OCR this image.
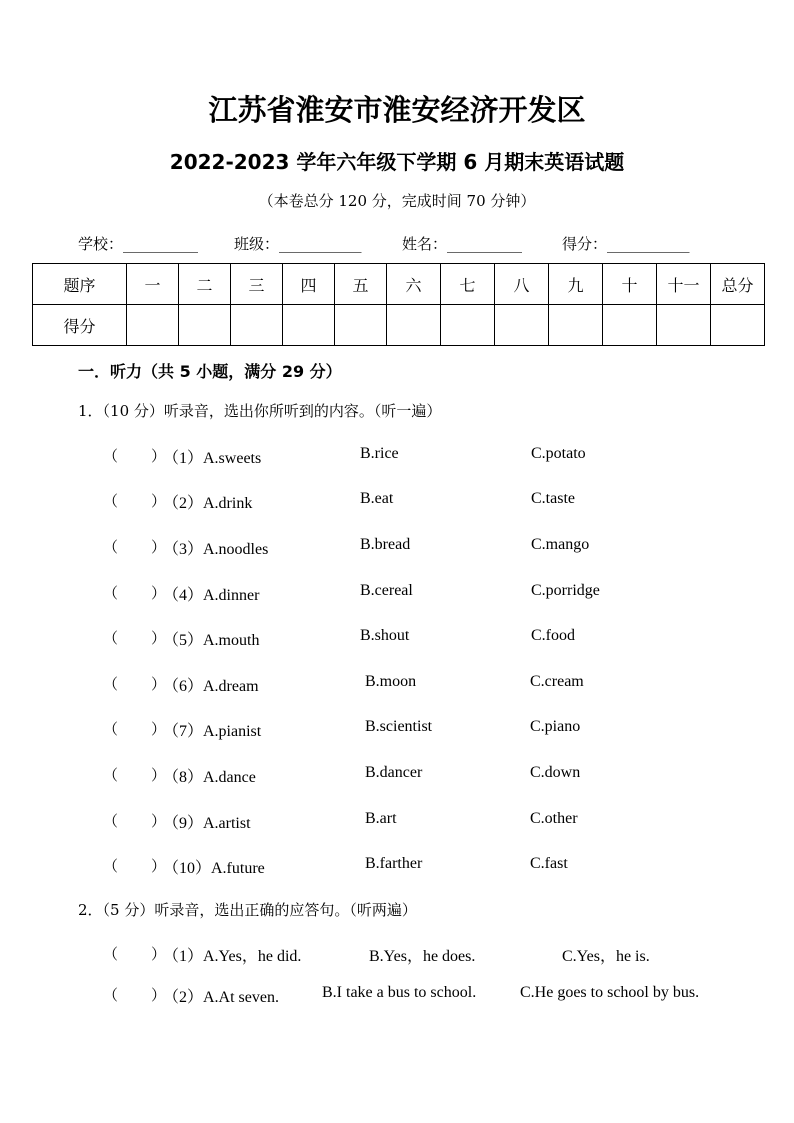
江苏省淮安市淮安经济开发区
2022-2023 学年六年级下学期 6 月期末英语试题
（本卷总分 120 分，完成时间 70 分钟）
学校：__________ 班级：___________	姓名：__________	得分：___________
题序	一	二	三	四	五	六	七	八	九	十	十一	总分
得分												
一．听力（共 5 小题，满分 29 分）
1．（10 分）听录音，选出你所听到的内容。（听一遍）
（ ）
（1）A.sweets	B.rice	C.potato
（ ）
（2）A.drink	B.eat	C.taste
（ ）
（3）A.noodles	B.bread	C.mango
（ ）
（4）A.dinner	B.cereal	C.porridge
（ ）
（5）A.mouth	B.shout	C.food
（ ）
（6）A.dream	B.moon	C.cream
（ ）
（7）A.pianist	B.scientist	C.piano
（ ）
（8）A.dance	B.dancer	C.down
（ ）
（9）A.artist	B.art	C.other
（ ）
（10）A.future	B.farther	C.fast
2．（5 分）听录音，选出正确的应答句。（听两遍）
（ ）
（1）A.Yes，he did.	B.Yes，he does.	C.Yes，he is.
（ ）
（2）A.At seven.	B.I take a bus to school.	C.He goes to school by bus.
